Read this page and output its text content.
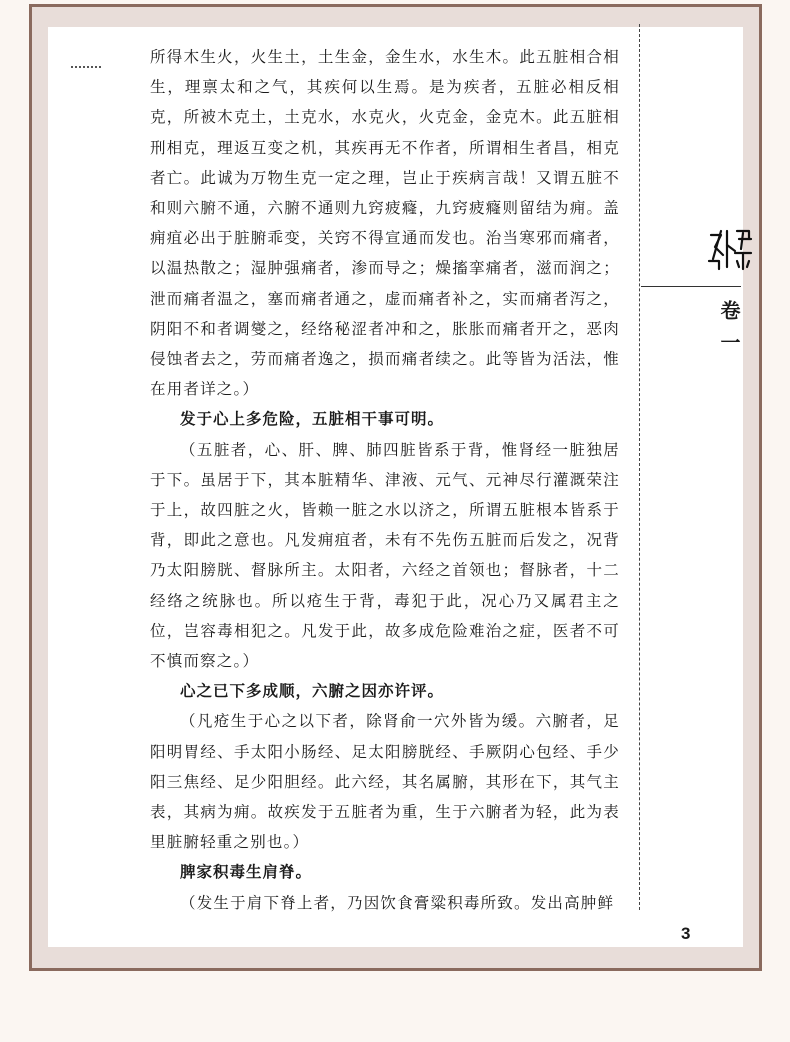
卷一

所得木生火，火生土，土生金，金生水，水生木。此五脏相合相生，理禀太和之气，其疾何以生焉。是为疾者，五脏必相反相克，所被木克土，土克水，水克火，火克金，金克木。此五脏相刑相克，理返互变之机，其疾再无不作者，所谓相生者昌，相克者亡。此诚为万物生克一定之理，岂止于疾病言哉！又谓五脏不和则六腑不通，六腑不通则九窍疲癃，九窍疲癃则留结为痈。盖痈疽必出于脏腑乖变，关窍不得宣通而发也。治当寒邪而痛者，以温热散之；湿肿强痛者，渗而导之；燥搐挛痛者，滋而润之；泄而痛者温之，塞而痛者通之，虚而痛者补之，实而痛者泻之，阴阳不和者调燮之，经络秘涩者冲和之，胀胀而痛者开之，恶肉侵蚀者去之，劳而痛者逸之，损而痛者续之。此等皆为活法，惟在用者详之。）

发于心上多危险，五脏相干事可明。

（五脏者，心、肝、脾、肺四脏皆系于背，惟肾经一脏独居于下。虽居于下，其本脏精华、津液、元气、元神尽行灌溉荣注于上，故四脏之火，皆赖一脏之水以济之，所谓五脏根本皆系于背，即此之意也。凡发痈疽者，未有不先伤五脏而后发之，况背乃太阳膀胱、督脉所主。太阳者，六经之首领也；督脉者，十二经络之统脉也。所以疮生于背，毒犯于此，况心乃又属君主之位，岂容毒相犯之。凡发于此，故多成危险难治之症，医者不可不慎而察之。）

心之已下多成顺，六腑之因亦许评。

（凡疮生于心之以下者，除肾俞一穴外皆为缓。六腑者，足阳明胃经、手太阳小肠经、足太阳膀胱经、手厥阴心包经、手少阳三焦经、足少阳胆经。此六经，其名属腑，其形在下，其气主表，其病为痈。故疾发于五脏者为重，生于六腑者为轻，此为表里脏腑轻重之别也。）

脾家积毒生肩脊。

（发生于肩下脊上者，乃因饮食膏粱积毒所致。发出高肿鲜

3
